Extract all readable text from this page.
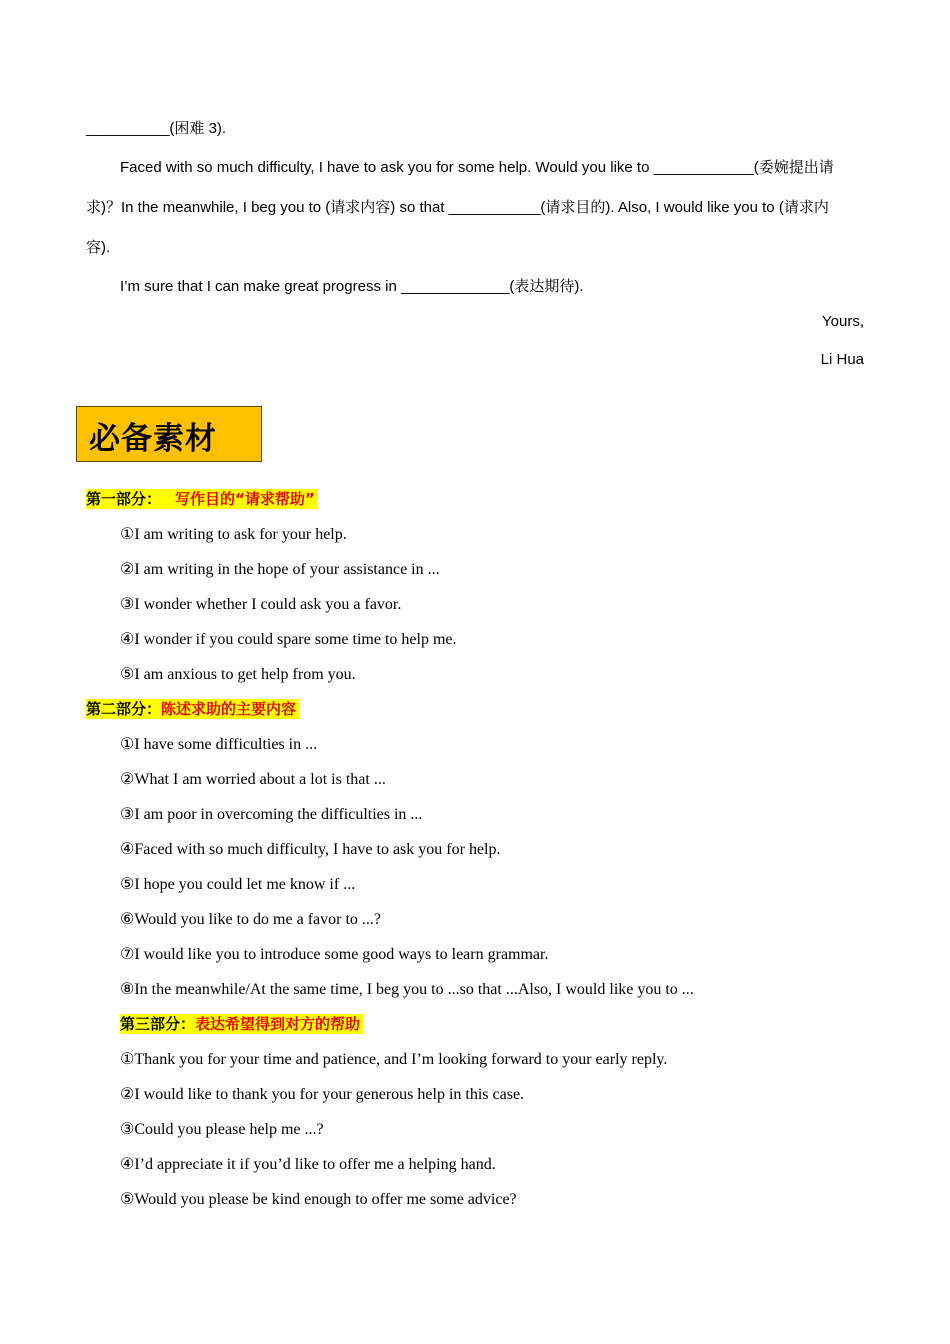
__________(困难 3).
Faced with so much difficulty, I have to ask you for some help. Would you like to ____________(委婉提出请
求)？In the meanwhile, I beg you to (请求内容) so that ___________(请求目的). Also, I would like you to (请求内
容).
I’m sure that I can make great progress in _____________(表达期待).
Yours,
Li Hua
必备素材
第一部分： 写作目的“请求帮助”
①I am writing to ask for your help.
②I am writing in the hope of your assistance in ...
③I wonder whether I could ask you a favor.
④I wonder if you could spare some time to help me.
⑤I am anxious to get help from you.
第二部分：陈述求助的主要内容
①I have some difficulties in ...
②What I am worried about a lot is that ...
③I am poor in overcoming the difficulties in ...
④Faced with so much difficulty, I have to ask you for help.
⑤I hope you could let me know if ...
⑥Would you like to do me a favor to ...?
⑦I would like you to introduce some good ways to learn grammar.
⑧In the meanwhile/At the same time, I beg you to ...so that ...Also, I would like you to ...
第三部分：表达希望得到对方的帮助
①Thank you for your time and patience, and I’m looking forward to your early reply.
②I would like to thank you for your generous help in this case.
③Could you please help me ...?
④I’d appreciate it if you’d like to offer me a helping hand.
⑤Would you please be kind enough to offer me some advice?
